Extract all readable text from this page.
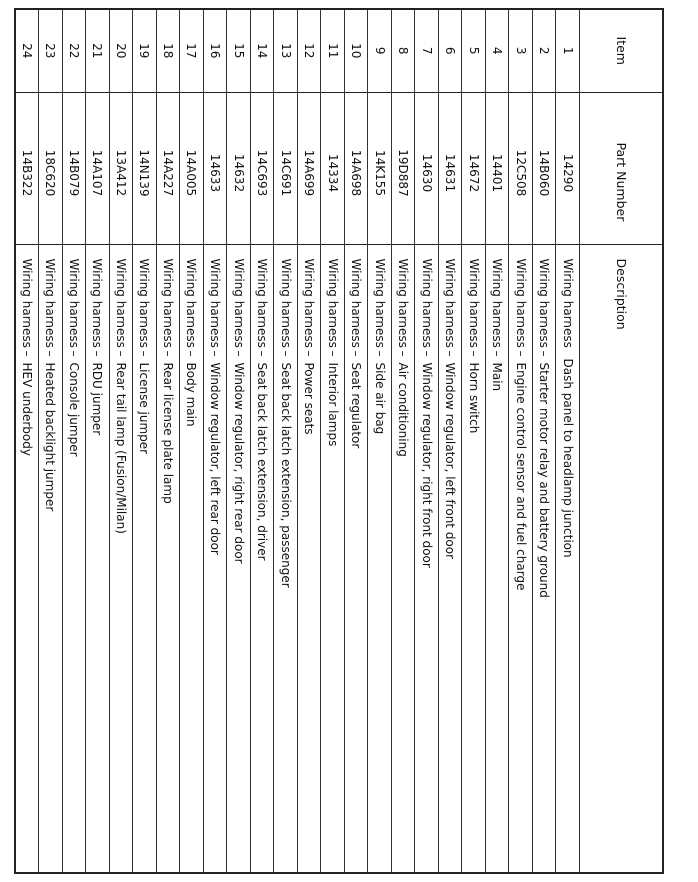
Item	Part Number	Description
1	14290	Wiring harnessDash panel to headlamp junction
2	14B060	Wiring harness–Starter motor relay and battery ground
3	12C508	Wiring harness–Engine control sensor and fuel charge
4	14401	Wiring harness–Main
5	14672	Wiring harness–Horn switch
6	14631	Wiring harness–Window regulator, left front door
7	14630	Wiring harness–Window regulator, right front door
8	19D887	Wiring harness–Air conditioning
9	14K155	Wiring harness–Side air bag
10	14A698	Wiring harness–Seat regulator
11	14334	Wiring harness–Interior lamps
12	14A699	Wiring harness–Power seats
13	14C691	Wiring harness–Seat back latch extension, passenger
14	14C693	Wiring harness–Seat back latch extension, driver
15	14632	Wiring harness–Window regulator, right rear door
16	14633	Wiring harness–Window regulator, left rear door
17	14A005	Wiring harness–Body main
18	14A227	Wiring harness–Rear license plate lamp
19	14N139	Wiring harness–License jumper
20	13A412	Wiring harness–Rear tail lamp (Fusion/Milan)
21	14A107	Wiring harness–RDU jumper
22	14B079	Wiring harness–Console jumper
23	18C620	Wiring harness–Heated backlight jumper
24	14B322	Wiring harness–HEV underbody
